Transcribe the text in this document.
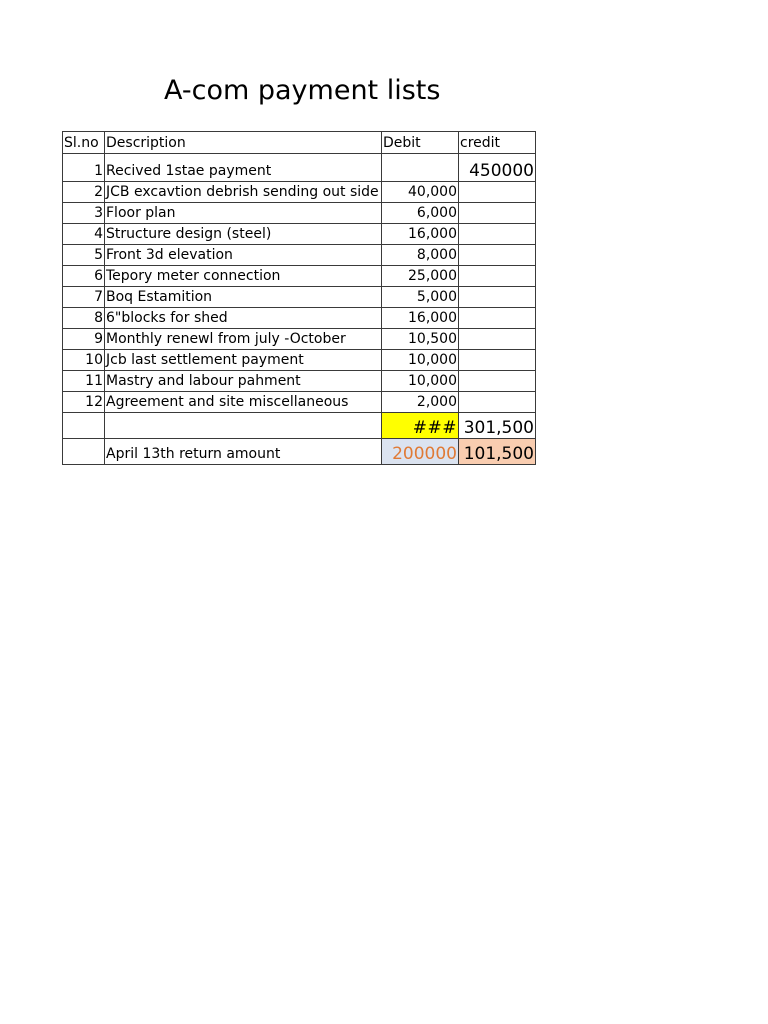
A-com payment lists
Sl.no	Description	Debit	credit
1	Recived 1stae payment		450000
2	JCB excavtion debrish sending out side	40,000	
3	Floor plan	6,000	
4	Structure design (steel)	16,000	
5	Front 3d elevation	8,000	
6	Tepory meter connection	25,000	
7	Boq Estamition	5,000	
8	6"blocks for shed	16,000	
9	Monthly renewl from july -October	10,500	
10	Jcb last settlement payment	10,000	
11	Mastry and labour pahment	10,000	
12	Agreement and site miscellaneous	2,000	
		###	301,500
	April 13th return amount	200000	101,500
